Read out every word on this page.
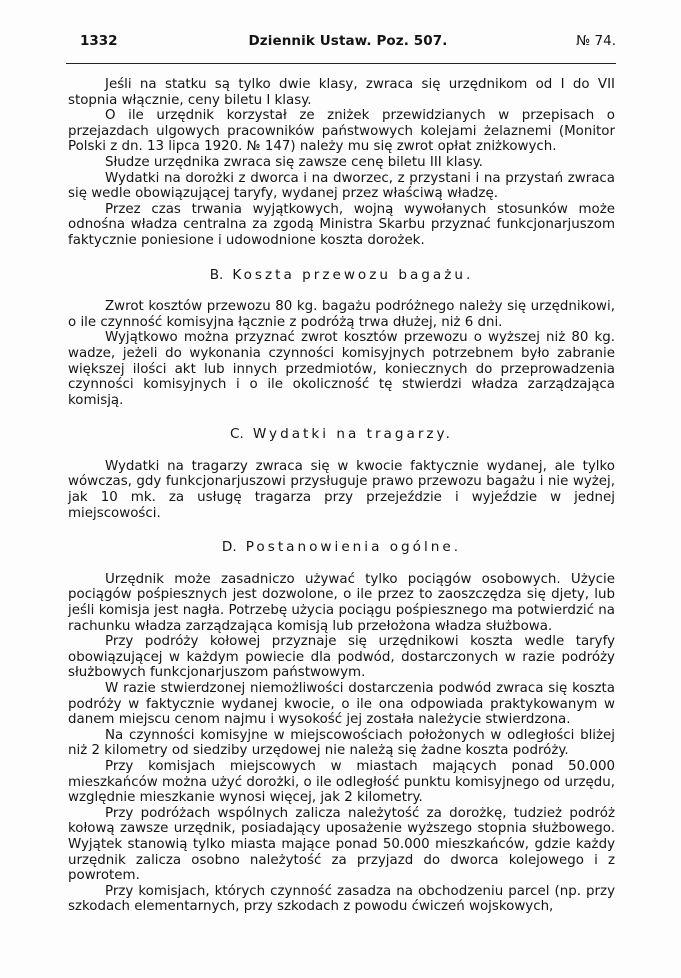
1332	Dziennik Ustaw. Poz. 507.	№ 74.

Jeśli na statku są tylko dwie klasy, zwraca się urzędnikom od I do VII stopnia włącznie, ceny biletu I klasy.

O ile urzędnik korzystał ze zniżek przewidzianych w przepisach o przejazdach ulgowych pracowników państwowych kolejami żelaznemi (Monitor Polski z dn. 13 lipca 1920. № 147) należy mu się zwrot opłat zniżkowych.

Słudze urzędnika zwraca się zawsze cenę biletu III klasy.

Wydatki na dorożki z dworca i na dworzec, z przystani i na przystań zwraca się wedle obowiązującej taryfy, wydanej przez właściwą władzę.

Przez czas trwania wyjątkowych, wojną wywołanych stosunków może odnośna władza centralna za zgodą Ministra Skarbu przyznać funkcjonarjuszom faktycznie poniesione i udowodnione koszta dorożek.

B. Koszta przewozu bagażu.

Zwrot kosztów przewozu 80 kg. bagażu podróżnego należy się urzędnikowi, o ile czynność komisyjna łącznie z podróżą trwa dłużej, niż 6 dni.

Wyjątkowo można przyznać zwrot kosztów przewozu o wyższej niż 80 kg. wadze, jeżeli do wykonania czynności komisyjnych potrzebnem było zabranie większej ilości akt lub innych przedmiotów, koniecznych do przeprowadzenia czynności komisyjnych i o ile okoliczność tę stwierdzi władza zarządzająca komisją.

C. Wydatki na tragarzy.

Wydatki na tragarzy zwraca się w kwocie faktycznie wydanej, ale tylko wówczas, gdy funkcjonarjuszowi przysługuje prawo przewozu bagażu i nie wyżej, jak 10 mk. za usługę tragarza przy przejeździe i wyjeździe w jednej miejscowości.

D. Postanowienia ogólne.

Urzędnik może zasadniczo używać tylko pociągów osobowych. Użycie pociągów pośpiesznych jest dozwolone, o ile przez to zaoszczędza się djety, lub jeśli komisja jest nagła. Potrzebę użycia pociągu pośpiesznego ma potwierdzić na rachunku władza zarządzająca komisją lub przełożona władza służbowa.

Przy podróży kołowej przyznaje się urzędnikowi koszta wedle taryfy obowiązującej w każdym powiecie dla podwód, dostarczonych w razie podróży służbowych funkcjonarjuszom państwowym.

W razie stwierdzonej niemożliwości dostarczenia podwód zwraca się koszta podróży w faktycznie wydanej kwocie, o ile ona odpowiada praktykowanym w danem miejscu cenom najmu i wysokość jej została należycie stwierdzona.

Na czynności komisyjne w miejscowościach położonych w odległości bliżej niż 2 kilometry od siedziby urzędowej nie należą się żadne koszta podróży.

Przy komisjach miejscowych w miastach mających ponad 50.000 mieszkańców można użyć dorożki, o ile odległość punktu komisyjnego od urzędu, względnie mieszkanie wynosi więcej, jak 2 kilometry.

Przy podróżach wspólnych zalicza należytość za dorożkę, tudzież podróż kołową zawsze urzędnik, posiadający uposażenie wyższego stopnia służbowego. Wyjątek stanowią tylko miasta mające ponad 50.000 mieszkańców, gdzie każdy urzędnik zalicza osobno należytość za przyjazd do dworca kolejowego i z powrotem.

Przy komisjach, których czynność zasadza na obchodzeniu parcel (np. przy szkodach elementarnych, przy szkodach z powodu ćwiczeń wojskowych,
